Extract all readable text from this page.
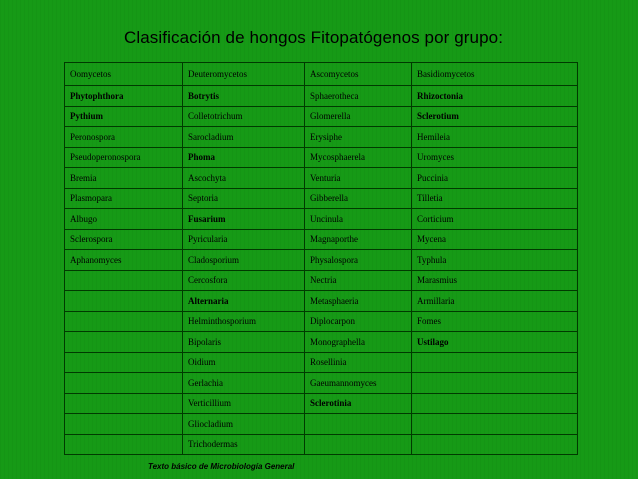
Clasificación de hongos Fitopatógenos por grupo:
Oomycetos	Deuteromycetos	Ascomycetos	Basidiomycetos
Phytophthora	Botrytis	Sphaerotheca	Rhizoctonia
Pythium	Colletotrichum	Glomerella	Sclerotium
Peronospora	Sarocladium	Erysiphe	Hemileia
Pseudoperonospora	Phoma	Mycosphaerela	Uromyces
Bremia	Ascochyta	Venturia	Puccinia
Plasmopara	Septoria	Gibberella	Tilletia
Albugo	Fusarium	Uncinula	Corticium
Sclerospora	Pyricularia	Magnaporthe	Mycena
Aphanomyces	Cladosporium	Physalospora	Typhula
	Cercosfora	Nectria	Marasmius
	Alternaria	Metasphaeria	Armillaria
	Helminthosporium	Diplocarpon	Fomes
	Bipolaris	Monographella	Ustilago
	Oidium	Rosellinia	
	Gerlachia	Gaeumannomyces	
	Verticillium	Sclerotinia	
	Gliocladium		
	Trichodermas		
Texto básico de Microbiología General
